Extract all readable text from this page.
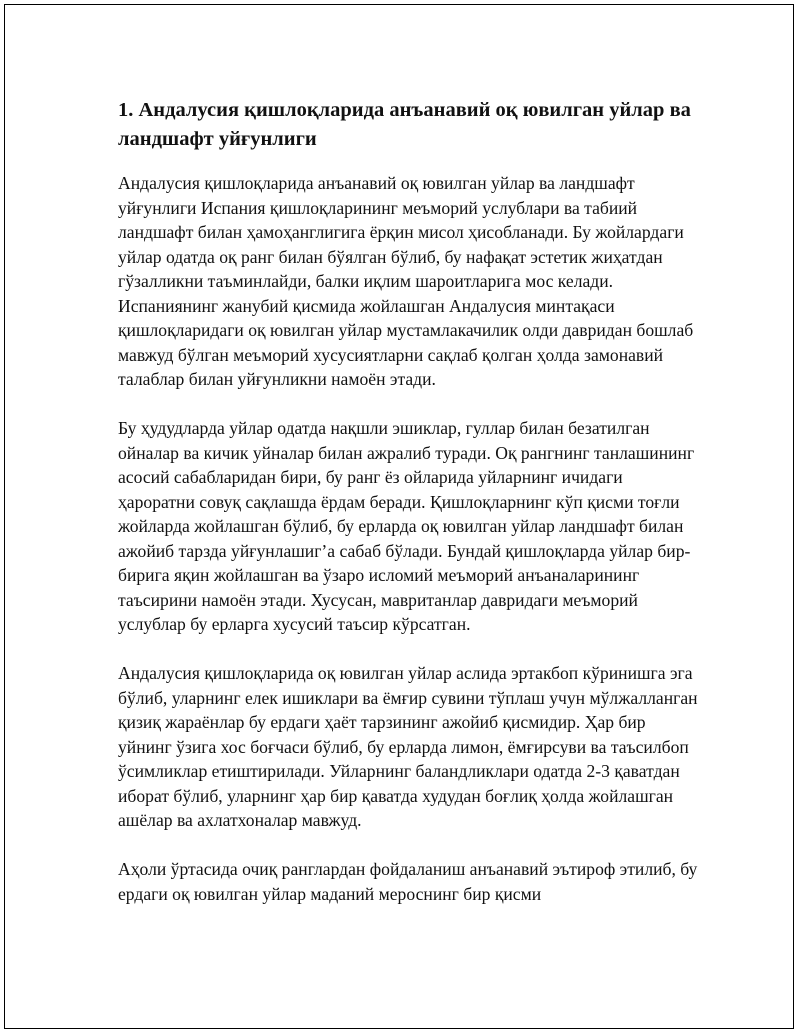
1. Андалусия қишлоқларида анъанавий оқ ювилган уйлар ва ландшафт уйғунлиги

Андалусия қишлоқларида анъанавий оқ ювилган уйлар ва ландшафт уйғунлиги Испания қишлоқларининг меъморий услублари ва табиий ландшафт билан ҳамоҳанглигига ёрқин мисол ҳисобланади. Бу жойлардаги уйлар одатда оқ ранг билан бўялган бўлиб, бу нафақат эстетик жиҳатдан гўзалликни таъминлайди, балки иқлим шароитларига мос келади. Испаниянинг жанубий қисмида жойлашган Андалусия минтақаси қишлоқларидаги оқ ювилган уйлар мустамлакачилик олди давридан бошлаб мавжуд бўлган меъморий хусусиятларни сақлаб қолган ҳолда замонавий талаблар билан уйғунликни намоён этади.

Бу ҳудудларда уйлар одатда нақшли эшиклар, гуллар билан безатилган ойналар ва кичик уйналар билан ажралиб туради. Оқ рангнинг танлашининг асосий сабабларидан бири, бу ранг ёз ойларида уйларнинг ичидаги ҳароратни совуқ сақлашда ёрдам беради. Қишлоқларнинг кўп қисми тоғли жойларда жойлашган бўлиб, бу ерларда оқ ювилган уйлар ландшафт билан ажойиб тарзда уйғунлашиг’а сабаб бўлади. Бундай қишлоқларда уйлар бир-бирига яқин жойлашган ва ўзаро исломий меъморий анъаналарининг таъсирини намоён этади. Хусусан, мавританлар давридаги меъморий услублар бу ерларга хусусий таъсир кўрсатган.

Андалусия қишлоқларида оқ ювилган уйлар аслида эртакбоп кўринишга эга бўлиб, уларнинг елек ишиклари ва ёмғир сувини тўплаш учун мўлжалланган қизиқ жараёнлар бу ердаги ҳаёт тарзининг ажойиб қисмидир. Ҳар бир уйнинг ўзига хос боғчаси бўлиб, бу ерларда лимон, ёмғирсуви ва таъсилбоп ўсимликлар етиштирилади. Уйларнинг баландликлари одатда 2-3 қаватдан иборат бўлиб, уларнинг ҳар бир қаватда худудан боғлиқ ҳолда жойлашган ашёлар ва ахлатхоналар мавжуд.

Аҳоли ўртасида очиқ ранглардан фойдаланиш анъанавий эътироф этилиб, бу ердаги оқ ювилган уйлар маданий мероснинг бир қисми
